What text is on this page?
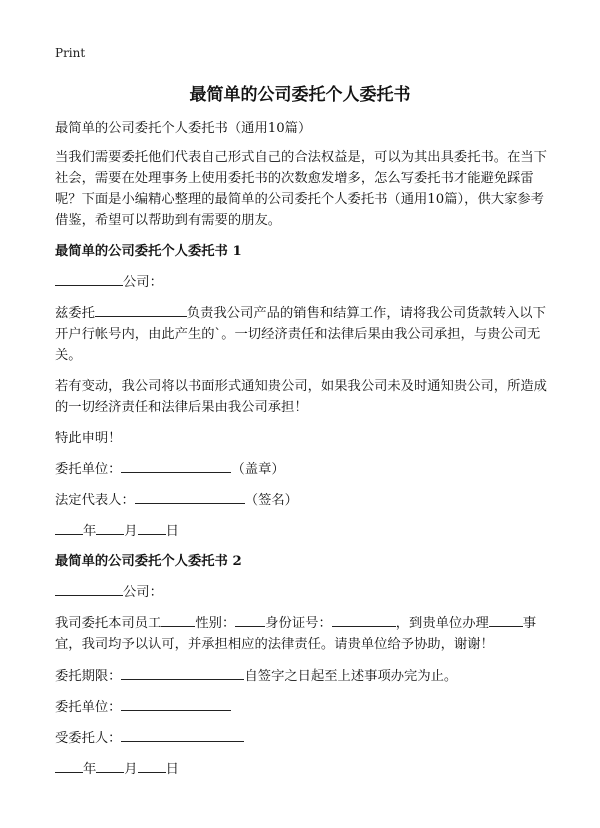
Print
最简单的公司委托个人委托书

最简单的公司委托个人委托书（通用10篇）

当我们需要委托他们代表自己形式自己的合法权益是，可以为其出具委托书。在当下社会，需要在处理事务上使用委托书的次数愈发增多，怎么写委托书才能避免踩雷呢？下面是小编精心整理的最简单的公司委托个人委托书（通用10篇），供大家参考借鉴，希望可以帮助到有需要的朋友。

最简单的公司委托个人委托书 1

公司：

兹委托	负责我公司产品的销售和结算工作，请将我公司货款转入以下开户行帐号内，由此产生的`。一切经济责任和法律后果由我公司承担，与贵公司无关。

若有变动，我公司将以书面形式通知贵公司，如果我公司未及时通知贵公司，所造成的一切经济责任和法律后果由我公司承担！

特此申明！

委托单位：	（盖章）

法定代表人：	（签名）

年 月 日

最简单的公司委托个人委托书 2

公司：

我司委托本司员工	性别： 身份证号：	，到贵单位办理	事宜，我司均予以认可，并承担相应的法律责任。请贵单位给予协助，谢谢！

委托期限：	自签字之日起至上述事项办完为止。

委托单位：

受委托人：

年 月 日
